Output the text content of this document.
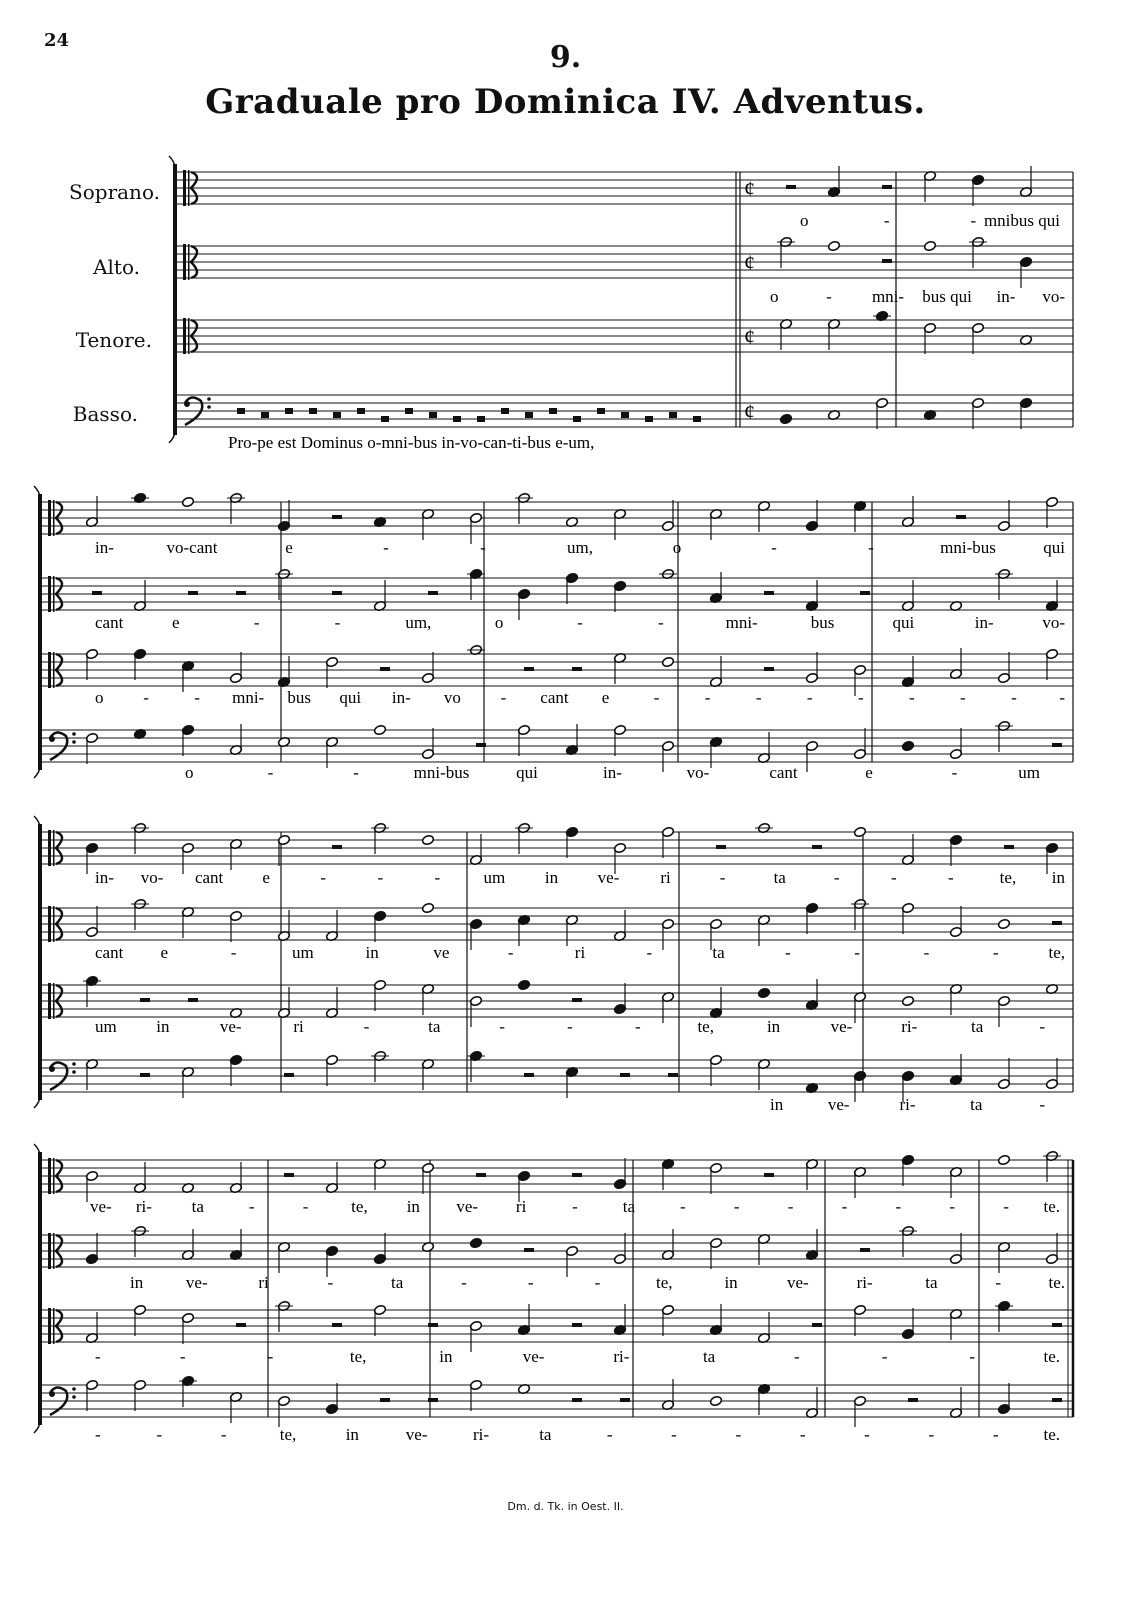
24	9.
Graduale pro Dominica IV. Adventus.
Soprano.
Alto.
Tenore.
Basso.
¢
¢
¢
¢
o	-	- mnibus qui
o	- mni- bus qui in- vo-
Pro-pe est Dominus o-mni-bus in-vo-can-ti-bus e-um,
in-	vo-cant	e	-	-	um,	o	-	-	mni-bus	qui
cant	e	-	-	um,	o	-	-	mni-	bus	qui	in-	vo-
o -	- mni- bus qui in- vo - cant e	-	-	-	-	-	-	-	-	-
o	-	-	mni-bus	qui	in-	vo-	cant	e	-	um
in- vo- cant e	-	-	-	um in ve- ri	-	ta	-	-	-	te, in
cant e	-	um	in	ve	-	ri	-	ta	-	-	-	-	te,
um in	ve-	ri	-	ta	-	-	-	te,	in	ve-	ri-	ta	-
in	ve-	ri-	ta	-
ve- ri- ta	-	-	te, in ve- ri	-	ta	-	-	-	-	-	-	- te.
in	ve-	ri	-	ta	-	-	-	te,	in	ve-	ri-	ta	-	te.
-	-	-	te,	in	ve-	ri-	ta	-	-	-	te.
-	-	-	te,	in	ve-	ri-	ta	-	-	-	-	-	-	-	te.
Dm. d. Tk. in Oest. II.
